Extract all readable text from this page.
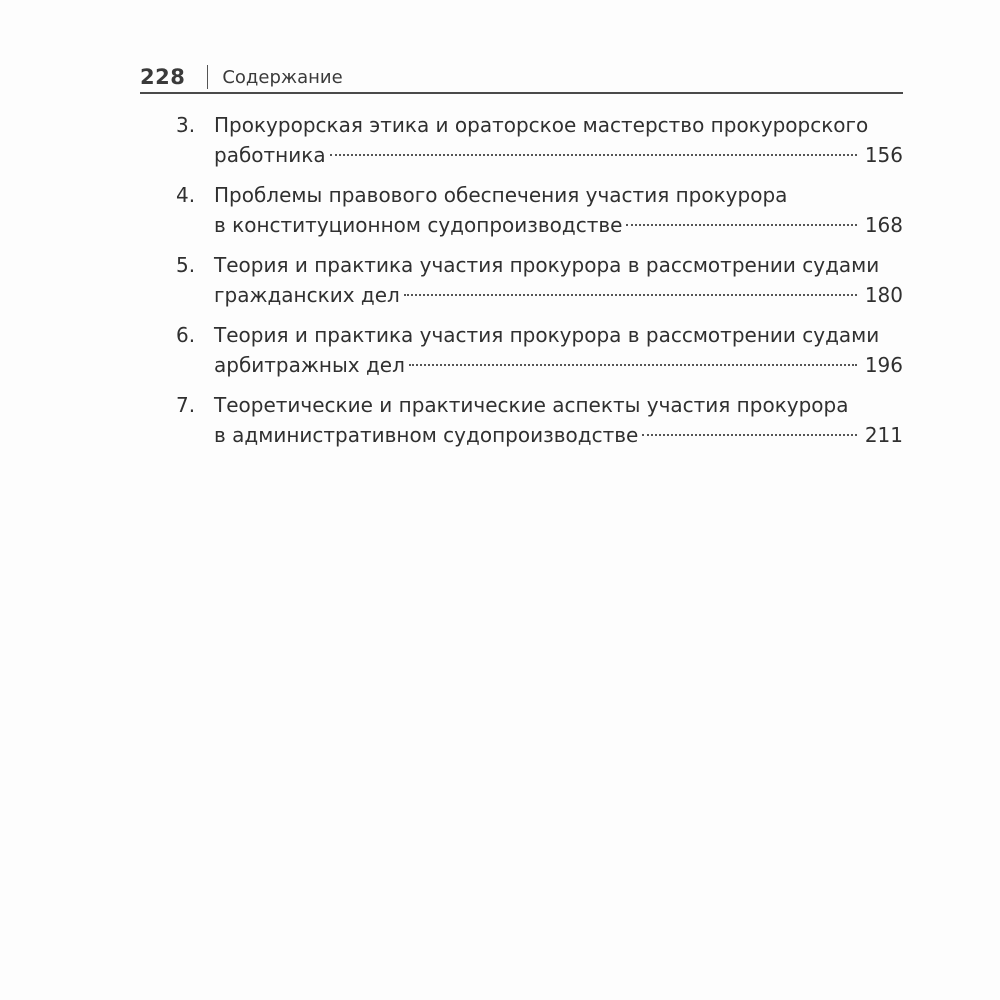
228 Содержание
3. Прокурорская этика и ораторское мастерство прокурорского
работника	156
4. Проблемы правового обеспечения участия прокурора
в конституционном судопроизводстве	168
5. Теория и практика участия прокурора в рассмотрении судами
гражданских дел	180
6. Теория и практика участия прокурора в рассмотрении судами
арбитражных дел	196
7. Теоретические и практические аспекты участия прокурора
в административном судопроизводстве	211
